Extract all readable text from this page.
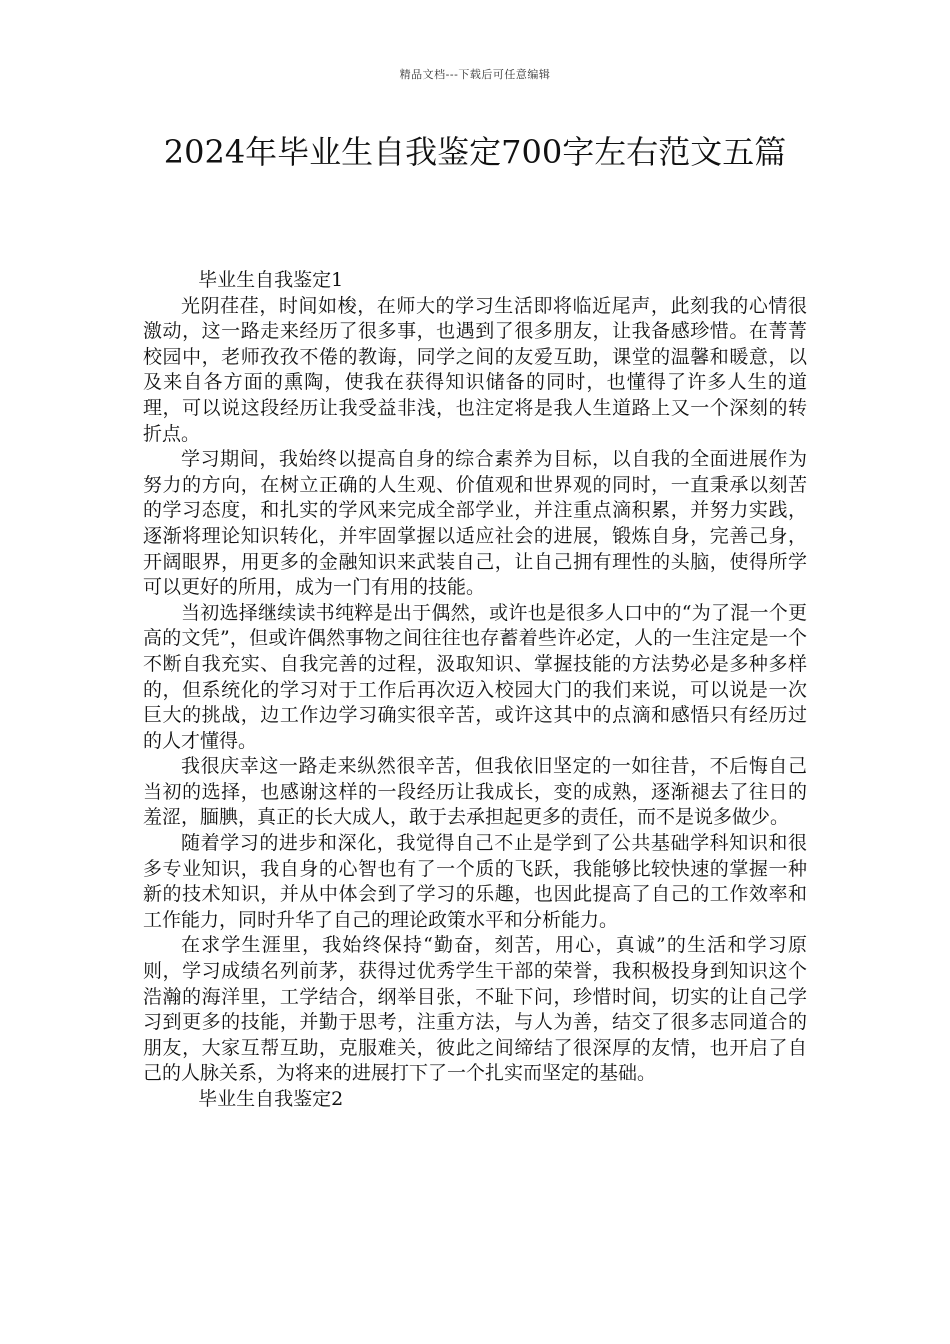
精品文档---下载后可任意编辑
2024年毕业生自我鉴定700字左右范文五篇

毕业生自我鉴定1

光阴荏荏，时间如梭，在师大的学习生活即将临近尾声，此刻我的心情很激动，这一路走来经历了很多事，也遇到了很多朋友，让我备感珍惜。在菁菁校园中，老师孜孜不倦的教诲，同学之间的友爱互助，课堂的温馨和暖意，以及来自各方面的熏陶，使我在获得知识储备的同时，也懂得了许多人生的道理，可以说这段经历让我受益非浅，也注定将是我人生道路上又一个深刻的转折点。

学习期间，我始终以提高自身的综合素养为目标，以自我的全面进展作为努力的方向，在树立正确的人生观、价值观和世界观的同时，一直秉承以刻苦的学习态度，和扎实的学风来完成全部学业，并注重点滴积累，并努力实践，逐渐将理论知识转化，并牢固掌握以适应社会的进展，锻炼自身，完善己身，开阔眼界，用更多的金融知识来武装自己，让自己拥有理性的头脑，使得所学可以更好的所用，成为一门有用的技能。

当初选择继续读书纯粹是出于偶然，或许也是很多人口中的“为了混一个更高的文凭”，但或许偶然事物之间往往也存蓄着些许必定，人的一生注定是一个不断自我充实、自我完善的过程，汲取知识、掌握技能的方法势必是多种多样的，但系统化的学习对于工作后再次迈入校园大门的我们来说，可以说是一次巨大的挑战，边工作边学习确实很辛苦，或许这其中的点滴和感悟只有经历过的人才懂得。

我很庆幸这一路走来纵然很辛苦，但我依旧坚定的一如往昔，不后悔自己当初的选择，也感谢这样的一段经历让我成长，变的成熟，逐渐褪去了往日的羞涩，腼腆，真正的长大成人，敢于去承担起更多的责任，而不是说多做少。

随着学习的进步和深化，我觉得自己不止是学到了公共基础学科知识和很多专业知识，我自身的心智也有了一个质的飞跃，我能够比较快速的掌握一种新的技术知识，并从中体会到了学习的乐趣，也因此提高了自己的工作效率和工作能力，同时升华了自己的理论政策水平和分析能力。

在求学生涯里，我始终保持“勤奋，刻苦，用心，真诚”的生活和学习原则，学习成绩名列前茅，获得过优秀学生干部的荣誉，我积极投身到知识这个浩瀚的海洋里，工学结合，纲举目张，不耻下问，珍惜时间，切实的让自己学习到更多的技能，并勤于思考，注重方法，与人为善，结交了很多志同道合的朋友，大家互帮互助，克服难关，彼此之间缔结了很深厚的友情，也开启了自己的人脉关系，为将来的进展打下了一个扎实而坚定的基础。

毕业生自我鉴定2
